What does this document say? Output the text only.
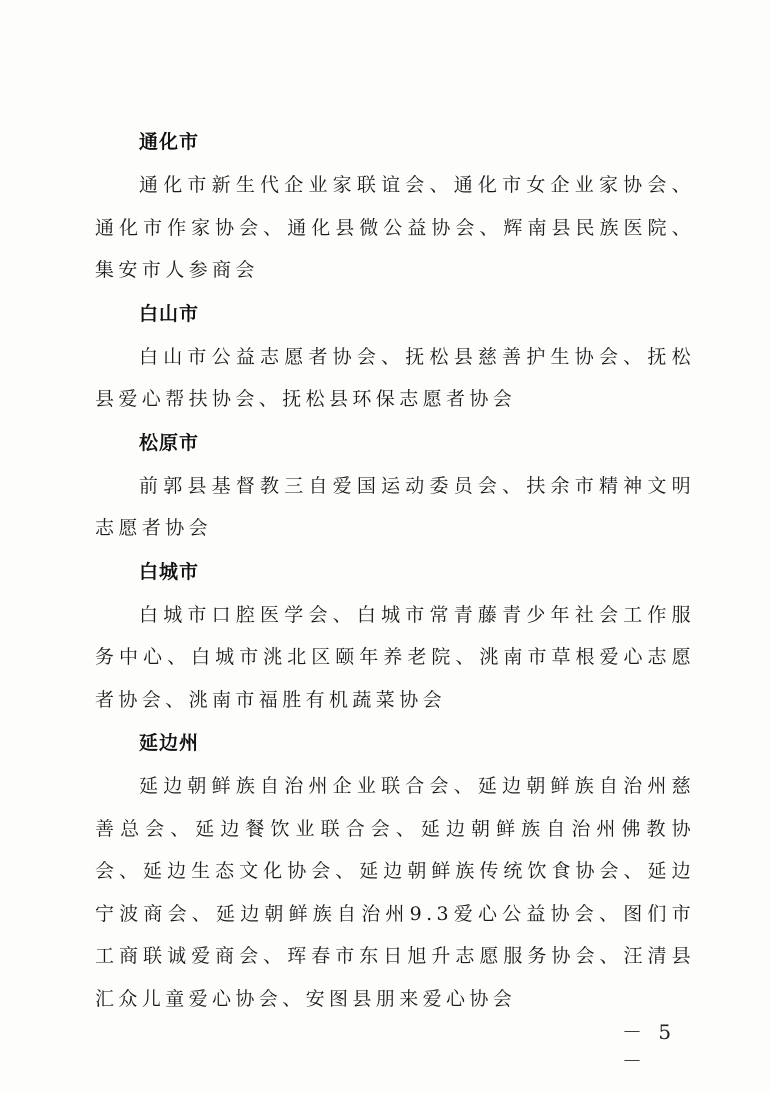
通化市

通化市新生代企业家联谊会、通化市女企业家协会、通化市作家协会、通化县微公益协会、辉南县民族医院、集安市人参商会

白山市

白山市公益志愿者协会、抚松县慈善护生协会、抚松县爱心帮扶协会、抚松县环保志愿者协会

松原市

前郭县基督教三自爱国运动委员会、扶余市精神文明志愿者协会

白城市

白城市口腔医学会、白城市常青藤青少年社会工作服务中心、白城市洮北区颐年养老院、洮南市草根爱心志愿者协会、洮南市福胜有机蔬菜协会

延边州

延边朝鲜族自治州企业联合会、延边朝鲜族自治州慈善总会、延边餐饮业联合会、延边朝鲜族自治州佛教协会、延边生态文化协会、延边朝鲜族传统饮食协会、延边宁波商会、延边朝鲜族自治州9.3爱心公益协会、图们市工商联诚爱商会、珲春市东日旭升志愿服务协会、汪清县汇众儿童爱心协会、安图县朋来爱心协会

－ 5 －
